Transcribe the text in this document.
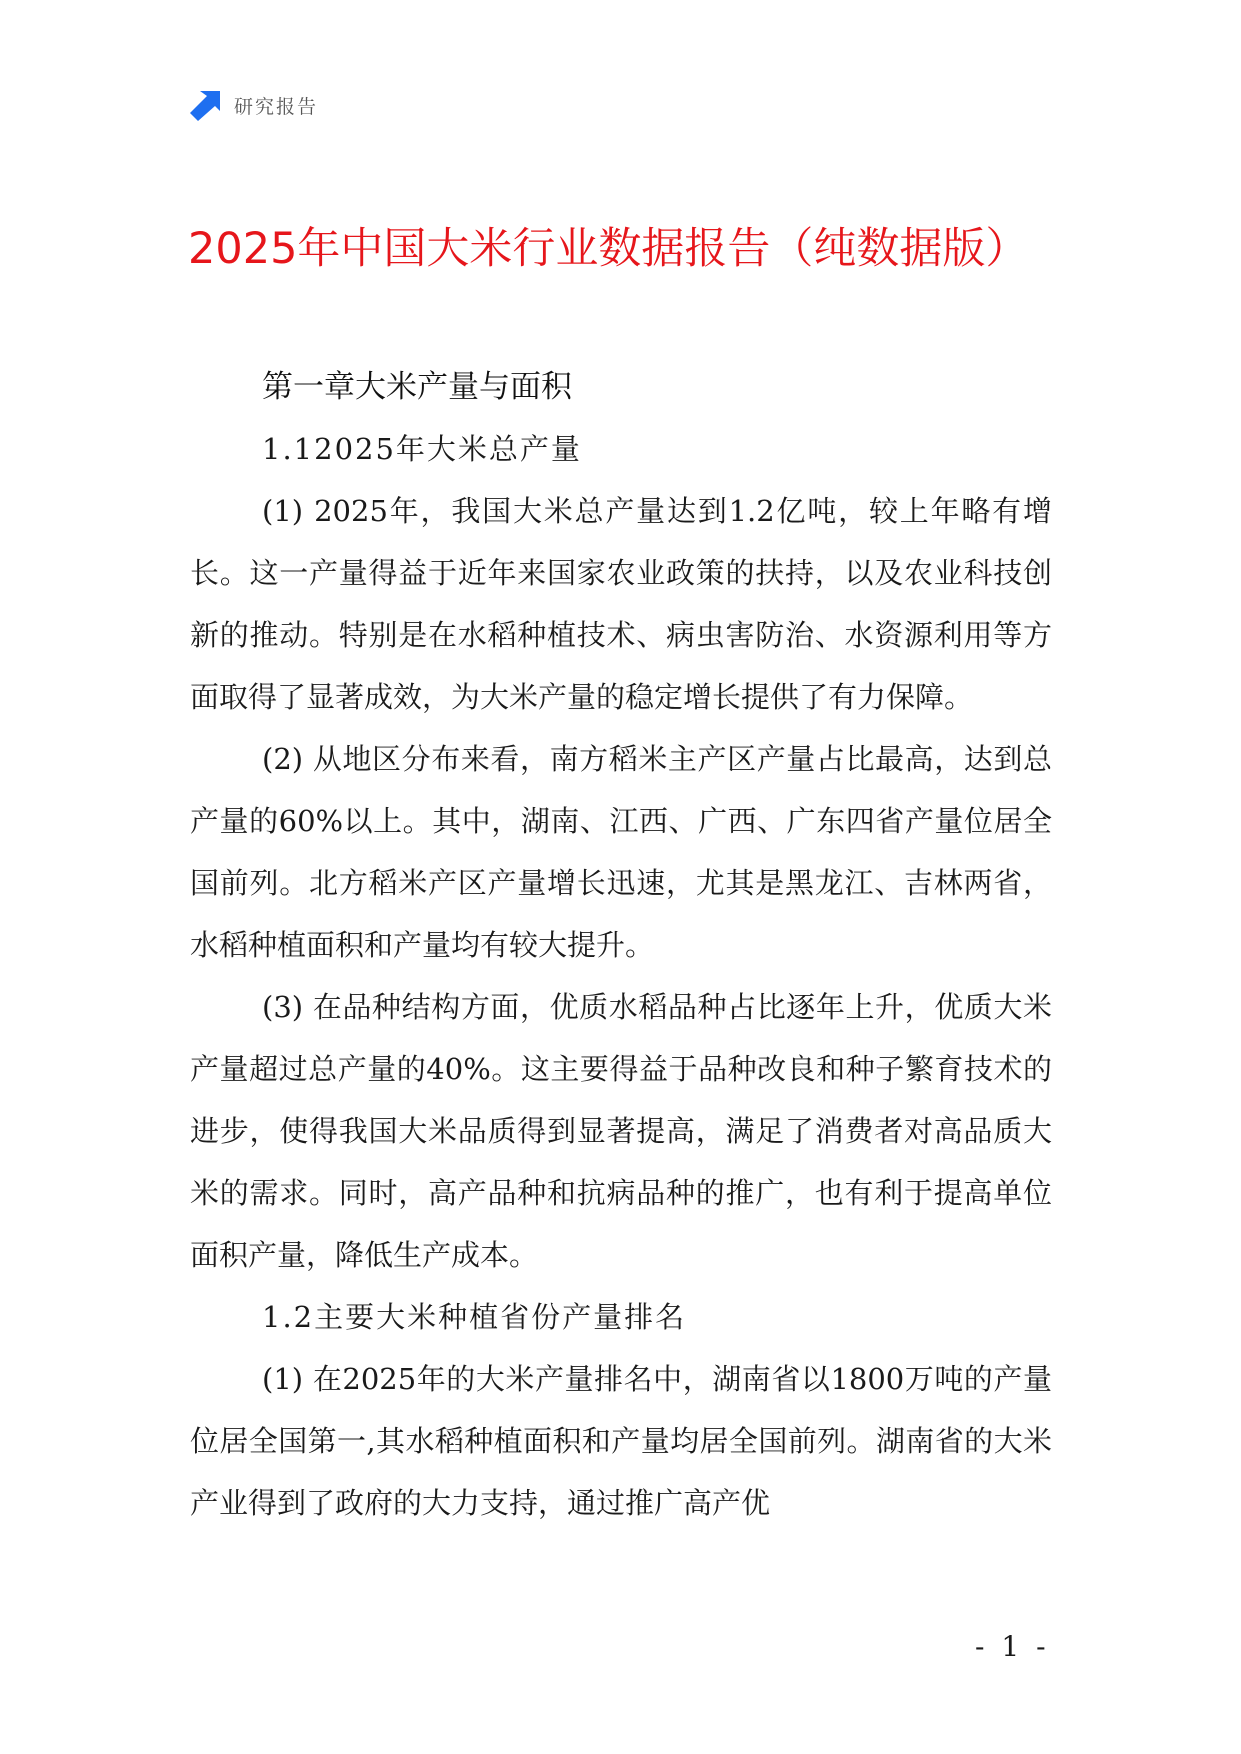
研究报告
2025年中国大米行业数据报告（纯数据版）
第一章大米产量与面积
1.12025年大米总产量

(1) 2025年，我国大米总产量达到1.2亿吨，较上年略有增长。这一产量得益于近年来国家农业政策的扶持，以及农业科技创新的推动。特别是在水稻种植技术、病虫害防治、水资源利用等方面取得了显著成效，为大米产量的稳定增长提供了有力保障。

(2) 从地区分布来看，南方稻米主产区产量占比最高，达到总产量的60%以上。其中，湖南、江西、广西、广东四省产量位居全国前列。北方稻米产区产量增长迅速，尤其是黑龙江、吉林两省，水稻种植面积和产量均有较大提升。

(3) 在品种结构方面，优质水稻品种占比逐年上升，优质大米产量超过总产量的40%。这主要得益于品种改良和种子繁育技术的进步，使得我国大米品质得到显著提高，满足了消费者对高品质大米的需求。同时，高产品种和抗病品种的推广，也有利于提高单位面积产量，降低生产成本。

1.2主要大米种植省份产量排名

(1) 在2025年的大米产量排名中，湖南省以1800万吨的产量位居全国第一,其水稻种植面积和产量均居全国前列。湖南省的大米产业得到了政府的大力支持，通过推广高产优

- 1 -
